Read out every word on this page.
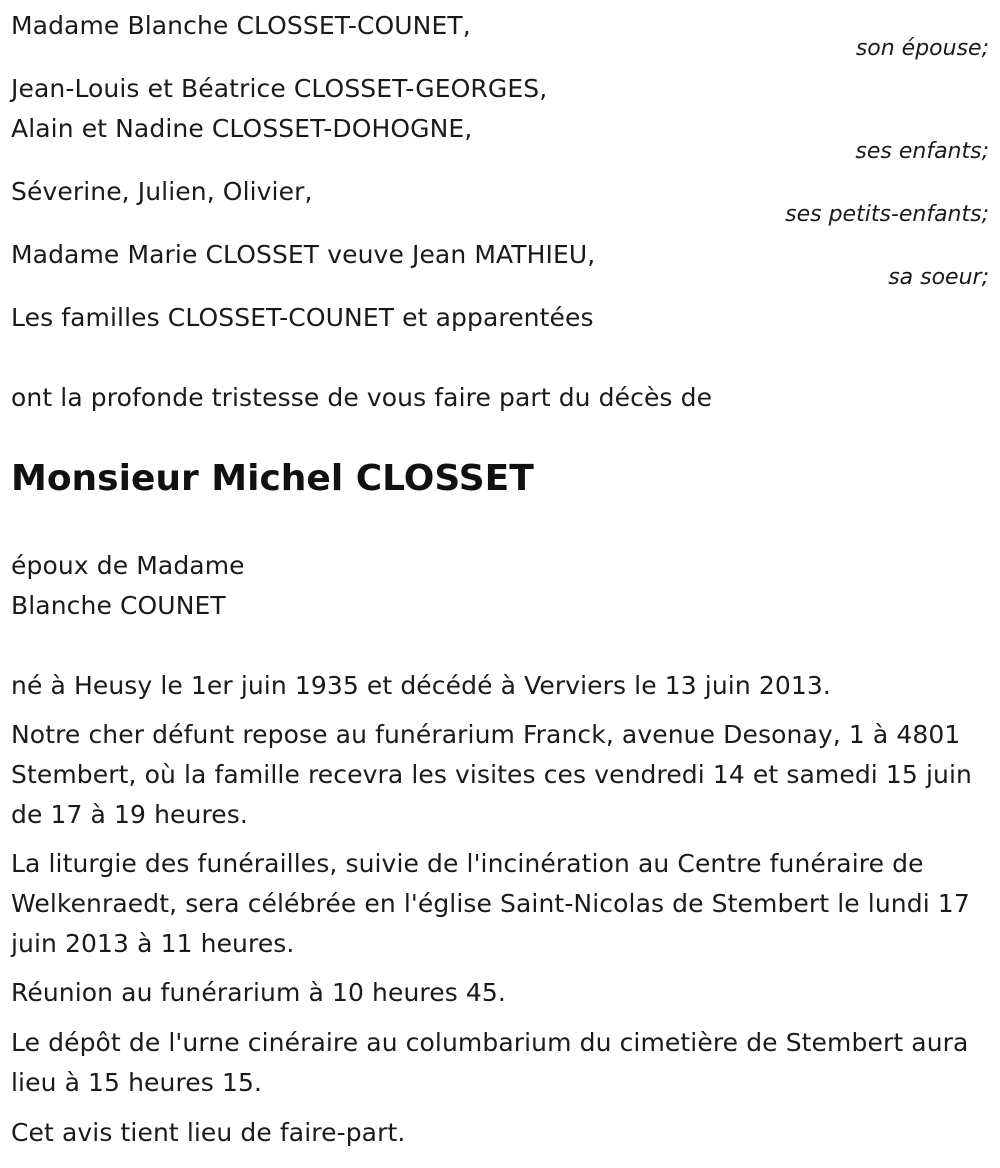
Madame Blanche CLOSSET-COUNET,
son épouse;
Jean-Louis et Béatrice CLOSSET-GEORGES,
Alain et Nadine CLOSSET-DOHOGNE,
ses enfants;
Séverine, Julien, Olivier,
ses petits-enfants;
Madame Marie CLOSSET veuve Jean MATHIEU,
sa soeur;
Les familles CLOSSET-COUNET et apparentées
ont la profonde tristesse de vous faire part du décès de
Monsieur Michel CLOSSET
époux de Madame
Blanche COUNET
né à Heusy le 1er juin 1935 et décédé à Verviers le 13 juin 2013.
Notre cher défunt repose au funérarium Franck, avenue Desonay, 1 à 4801 Stembert, où la famille recevra les visites ces vendredi 14 et samedi 15 juin de 17 à 19 heures.
La liturgie des funérailles, suivie de l'incinération au Centre funéraire de Welkenraedt, sera célébrée en l'église Saint-Nicolas de Stembert le lundi 17 juin 2013 à 11 heures.
Réunion au funérarium à 10 heures 45.
Le dépôt de l'urne cinéraire au columbarium du cimetière de Stembert aura lieu à 15 heures 15.
Cet avis tient lieu de faire-part.
